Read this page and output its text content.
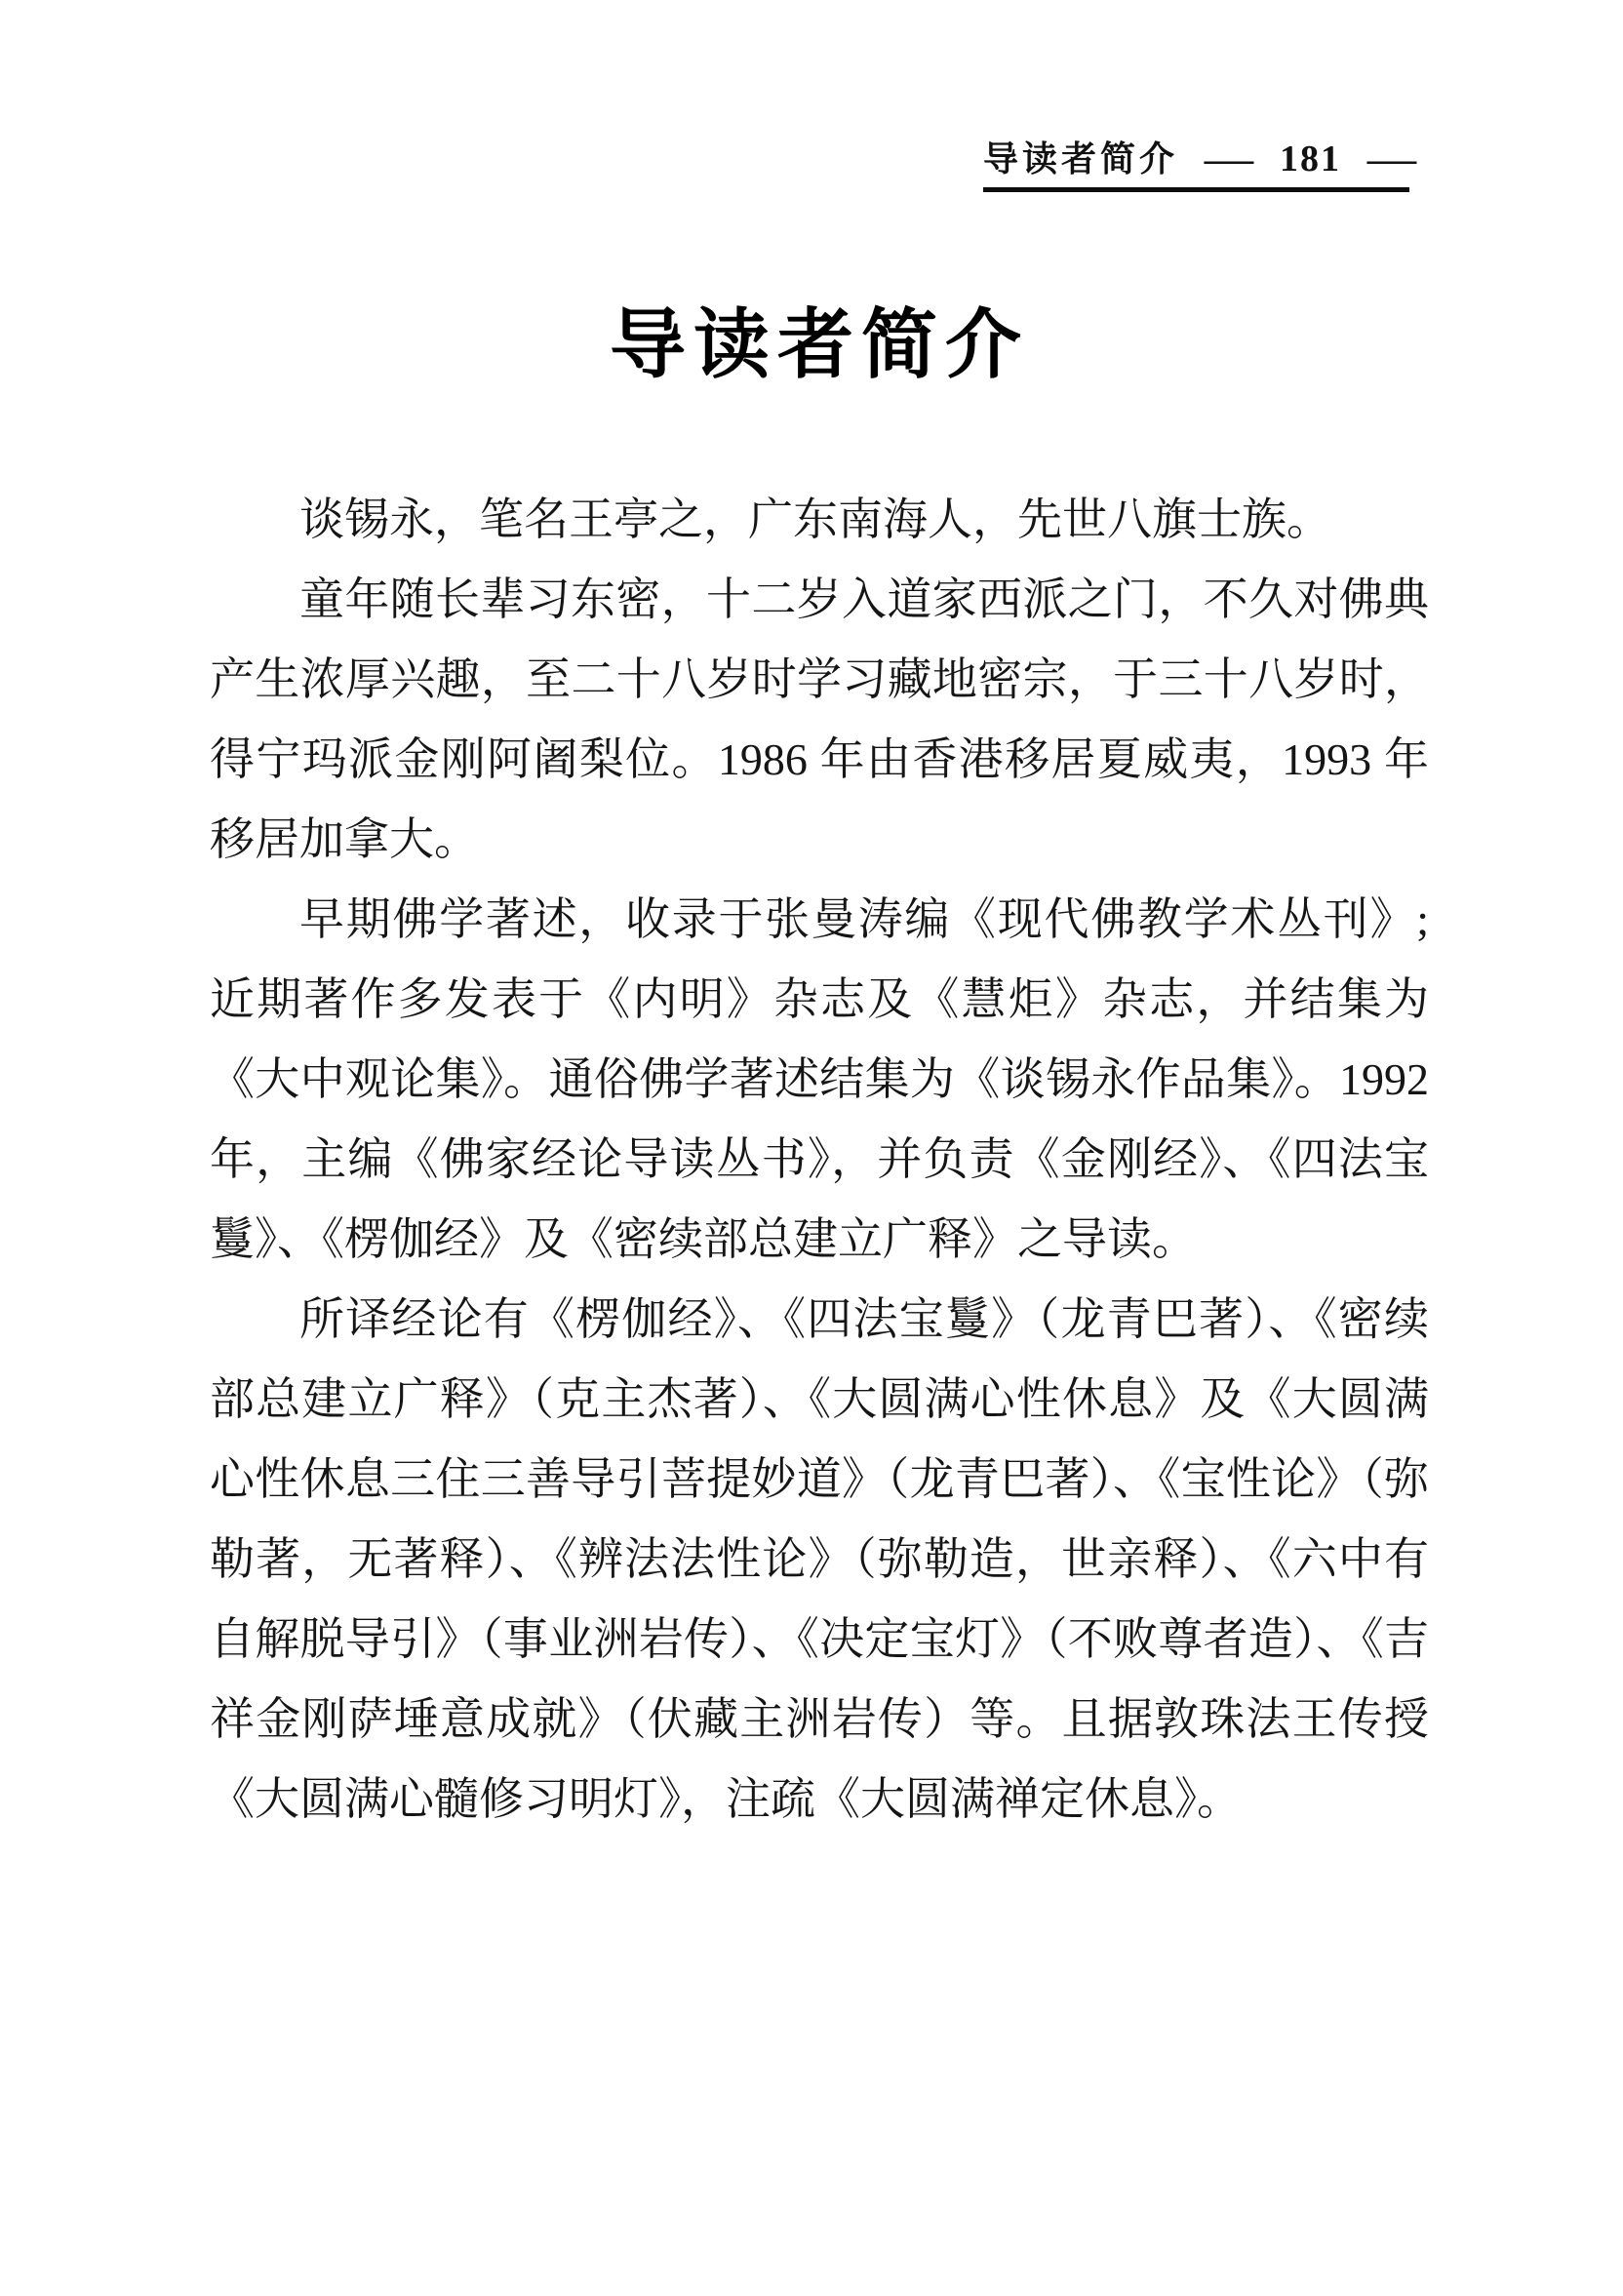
导读者简介 — 181 —
导读者简介
谈锡永，笔名王亭之，广东南海人，先世八旗士族。
童年随长辈习东密，十二岁入道家西派之门，不久对佛典
产生浓厚兴趣，至二十八岁时学习藏地密宗，于三十八岁时，
得宁玛派金刚阿阇梨位。1986 年由香港移居夏威夷，1993 年
移居加拿大。
早期佛学著述，收录于张曼涛编《现代佛教学术丛刊》;
近期著作多发表于《内明》杂志及《慧炬》杂志，并结集为
《大中观论集》。通俗佛学著述结集为《谈锡永作品集》。1992
年，主编《佛家经论导读丛书》，并负责《金刚经》、《四法宝
鬘》、《楞伽经》及《密续部总建立广释》之导读。
所译经论有《楞伽经》、《四法宝鬘》（龙青巴著）、《密续
部总建立广释》（克主杰著）、《大圆满心性休息》及《大圆满
心性休息三住三善导引菩提妙道》（龙青巴著）、《宝性论》（弥
勒著，无著释）、《辨法法性论》（弥勒造，世亲释）、《六中有
自解脱导引》（事业洲岩传）、《决定宝灯》（不败尊者造）、《吉
祥金刚萨埵意成就》（伏藏主洲岩传）等。且据敦珠法王传授
《大圆满心髓修习明灯》，注疏《大圆满禅定休息》。
